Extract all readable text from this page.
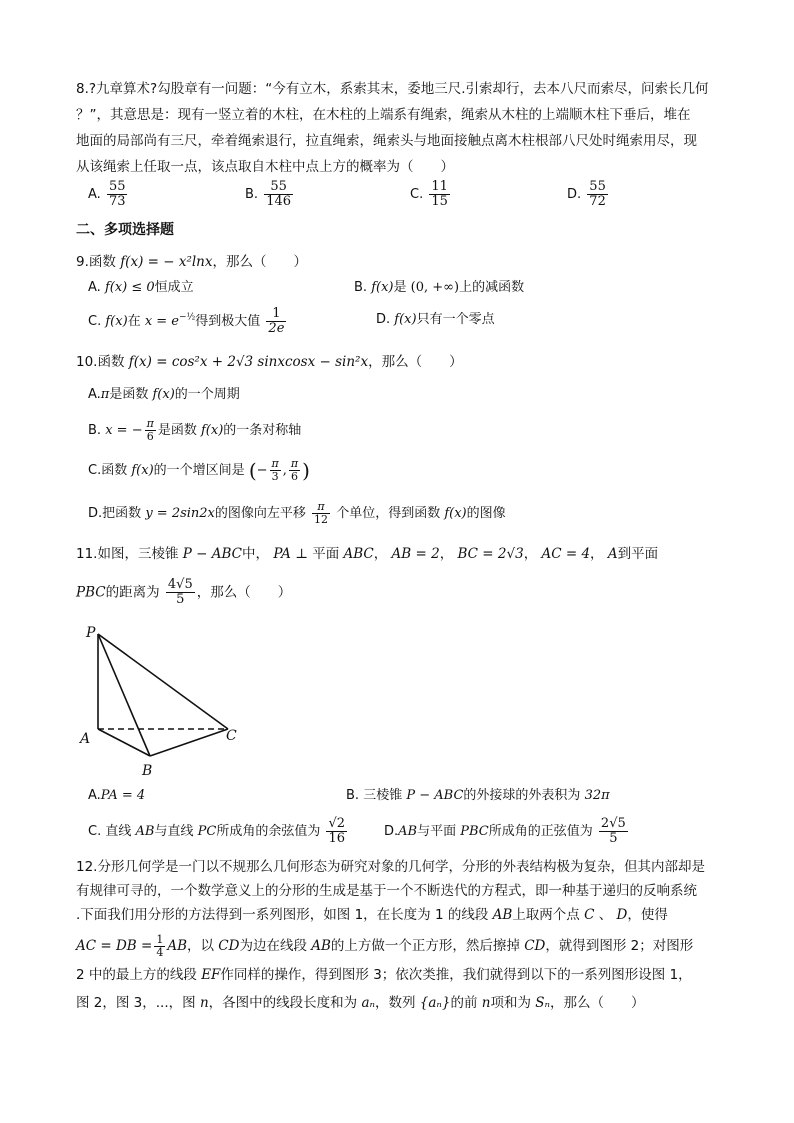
8.?九章算术?勾股章有一问题：“今有立木，系索其末，委地三尺.引索却行，去本八尺而索尽，问索长几何
？”，其意思是：现有一竖立着的木柱，在木柱的上端系有绳索，绳索从木柱的上端顺木柱下垂后，堆在
地面的局部尚有三尺，牵着绳索退行，拉直绳索，绳索头与地面接触点离木柱根部八尺处时绳索用尽，现
从该绳索上任取一点，该点取自木柱中点上方的概率为（　　）
A. $\frac{55}{73}$	B. $\frac{55}{146}$	C. $\frac{11}{15}$	D. $\frac{55}{72}$
二、多项选择题
9.函数 f(x) = − x²lnx，那么（　　）
A. f(x) ≤ 0恒成立	B. f(x)是 (0, +∞)上的减函数
C. f(x)在 $x = e^{-\frac{1}{2}}$得到极大值 $\frac{1}{2e}$	D. f(x)只有一个零点
10.函数 f(x) = cos²x + 2√3 sinxcosx − sin²x，那么（　　）
A.π是函数 f(x)的一个周期
B. x = − $\frac{\pi}{6}$ 是函数 f(x)的一条对称轴
C.函数 f(x)的一个增区间是 (− $\frac{\pi}{3}$ , $\frac{\pi}{6}$ )
D.把函数 y = 2sin2x的图像向左平移 $\frac{\pi}{12}$ 个单位，得到函数 f(x)的图像
11.如图，三棱锥 P − ABC中， PA ⊥ 平面 ABC， AB = 2， BC = 2√3， AC = 4， A到平面
PBC的距离为 $\frac{4√5}{5}$ ，那么（　　）
P
A
B
C
A.PA = 4	B. 三棱锥 P − ABC的外接球的外表积为 32π
C. 直线 AB与直线 PC所成角的余弦值为 $\frac{√2}{16}$	D.AB与平面 PBC所成角的正弦值为 $\frac{2√5}{5}$
12.分形几何学是一门以不规那么几何形态为研究对象的几何学，分形的外表结构极为复杂，但其内部却是
有规律可寻的，一个数学意义上的分形的生成是基于一个不断迭代的方程式，即一种基于递归的反响系统
.下面我们用分形的方法得到一系列图形，如图 1，在长度为 1 的线段 AB上取两个点 C 、 D，使得
AC = DB = $\frac{1}{4}$ AB，以 CD为边在线段 AB的上方做一个正方形，然后擦掉 CD，就得到图形 2；对图形
2 中的最上方的线段 EF作同样的操作，得到图形 3；依次类推，我们就得到以下的一系列图形设图 1，
图 2，图 3，...，图 n，各图中的线段长度和为 aₙ，数列 {aₙ}的前 n项和为 Sₙ，那么（　　）
